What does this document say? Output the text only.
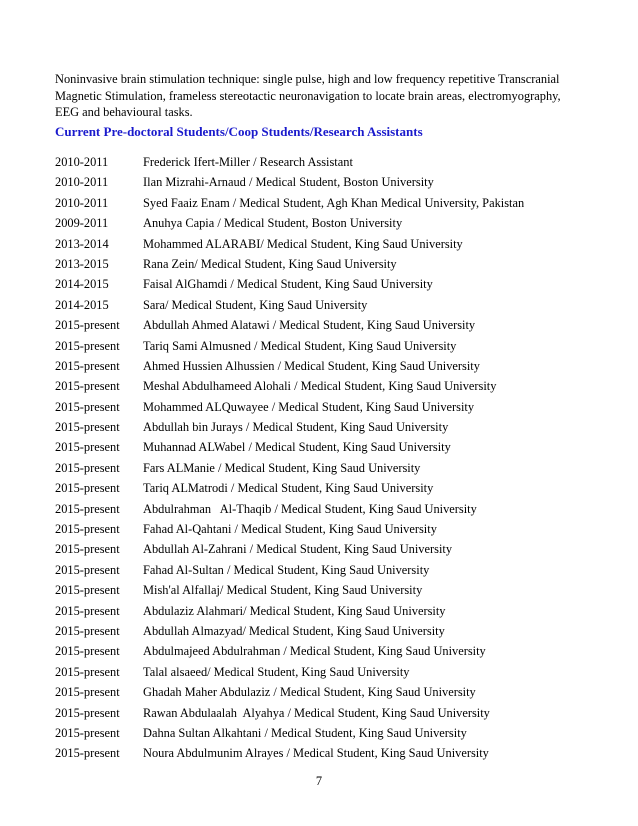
Noninvasive brain stimulation technique: single pulse, high and low frequency repetitive Transcranial
Magnetic Stimulation, frameless stereotactic neuronavigation to locate brain areas, electromyography,
EEG and behavioural tasks.
Current Pre-doctoral Students/Coop Students/Research Assistants
2010-2011	Frederick Ifert-Miller / Research Assistant
2010-2011	Ilan Mizrahi-Arnaud / Medical Student, Boston University
2010-2011	Syed Faaiz Enam / Medical Student, Agh Khan Medical University, Pakistan
2009-2011	Anuhya Capia / Medical Student, Boston University
2013-2014	Mohammed ALARABI/ Medical Student, King Saud University
2013-2015	Rana Zein/ Medical Student, King Saud University
2014-2015	Faisal AlGhamdi / Medical Student, King Saud University
2014-2015	Sara/ Medical Student, King Saud University
2015-present Abdullah Ahmed Alatawi / Medical Student, King Saud University
2015-present Tariq Sami Almusned / Medical Student, King Saud University
2015-present Ahmed Hussien Alhussien / Medical Student, King Saud University
2015-present Meshal Abdulhameed Alohali / Medical Student, King Saud University
2015-present Mohammed ALQuwayee / Medical Student, King Saud University
2015-present Abdullah bin Jurays / Medical Student, King Saud University
2015-present Muhannad ALWabel / Medical Student, King Saud University
2015-present Fars ALManie / Medical Student, King Saud University
2015-present Tariq ALMatrodi / Medical Student, King Saud University
2015-present Abdulrahman   Al-Thaqib / Medical Student, King Saud University
2015-present Fahad Al-Qahtani / Medical Student, King Saud University
2015-present Abdullah Al-Zahrani / Medical Student, King Saud University
2015-present Fahad Al-Sultan / Medical Student, King Saud University
2015-present Mish'al Alfallaj/ Medical Student, King Saud University
2015-present Abdulaziz Alahmari/ Medical Student, King Saud University
2015-present Abdullah Almazyad/ Medical Student, King Saud University
2015-present Abdulmajeed Abdulrahman / Medical Student, King Saud University
2015-present Talal alsaeed/ Medical Student, King Saud University
2015-present Ghadah Maher Abdulaziz / Medical Student, King Saud University
2015-present Rawan Abdulaalah  Alyahya / Medical Student, King Saud University
2015-present Dahna Sultan Alkahtani / Medical Student, King Saud University
2015-present Noura Abdulmunim Alrayes / Medical Student, King Saud University
7
